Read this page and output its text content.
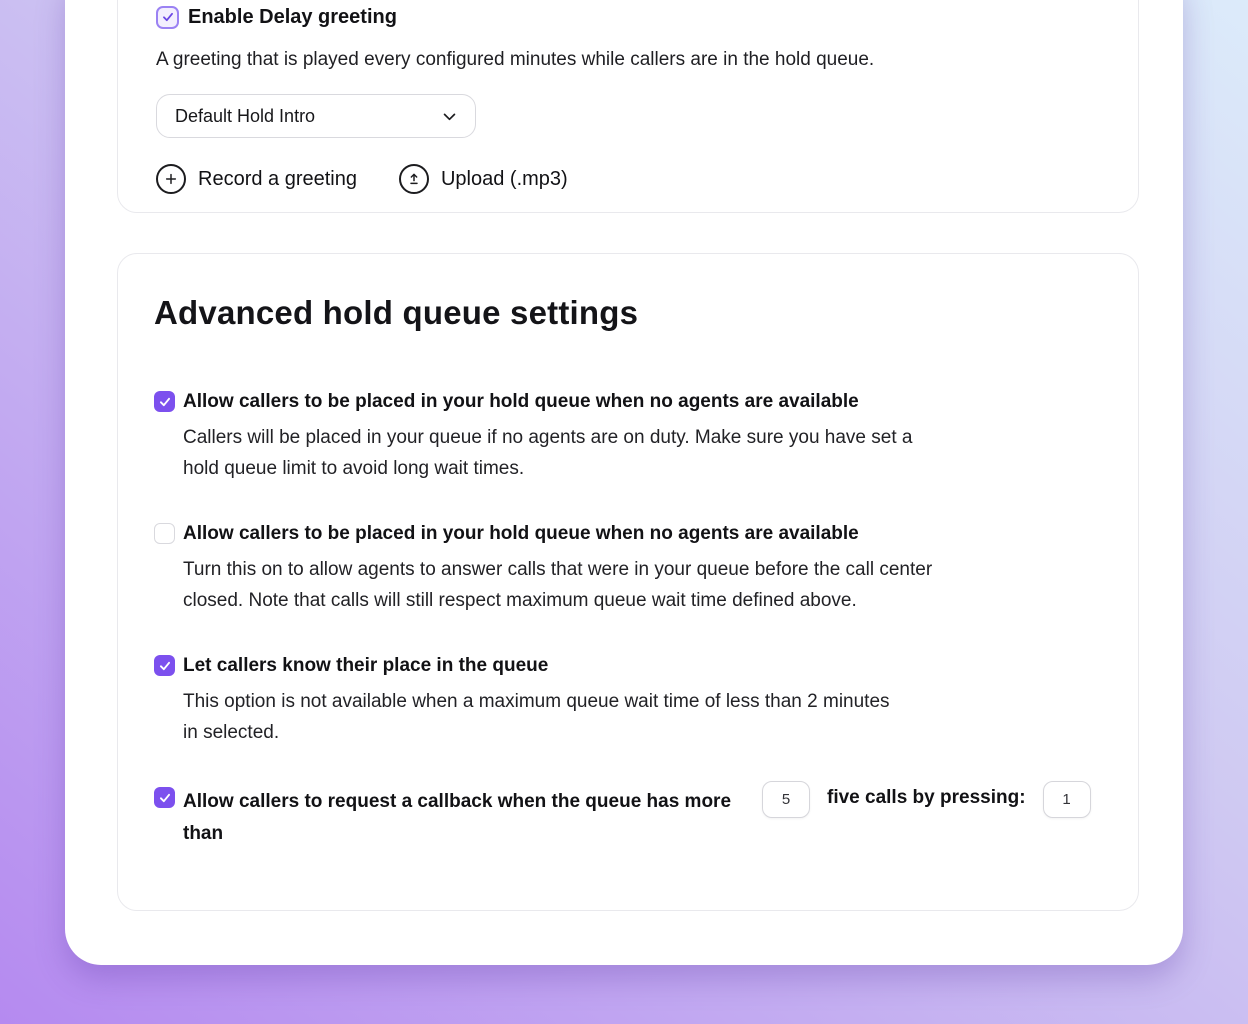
Enable Delay greeting
A greeting that is played every configured minutes while callers are in the hold queue.
Default Hold Intro
Record a greeting	Upload (.mp3)
Advanced hold queue settings
Allow callers to be placed in your hold queue when no agents are available
Callers will be placed in your queue if no agents are on duty. Make sure you have set a
hold queue limit to avoid long wait times.
Allow callers to be placed in your hold queue when no agents are available
Turn this on to allow agents to answer calls that were in your queue before the call center
closed. Note that calls will still respect maximum queue wait time defined above.
Let callers know their place in the queue
This option is not available when a maximum queue wait time of less than 2 minutes
in selected.
Allow callers to request a callback when the queue has more than
5
five calls by pressing:
1
